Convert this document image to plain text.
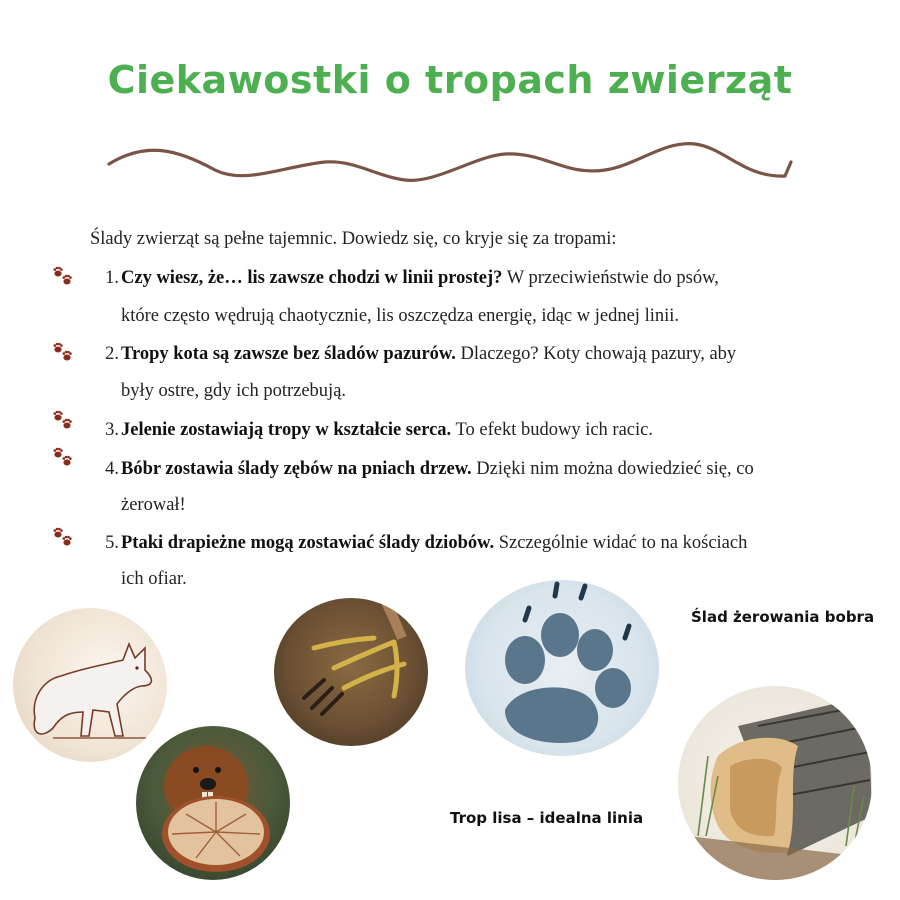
Ciekawostki o tropach zwierząt
Ślady zwierząt są pełne tajemnic. Dowiedz się, co kryje się za tropami:
1. Czy wiesz, że… lis zawsze chodzi w linii prostej? W przeciwieństwie do psów,
które często wędrują chaotycznie, lis oszczędza energię, idąc w jednej linii.
2. Tropy kota są zawsze bez śladów pazurów. Dlaczego? Koty chowają pazury, aby
były ostre, gdy ich potrzebują.
3. Jelenie zostawiają tropy w kształcie serca. To efekt budowy ich racic.
4. Bóbr zostawia ślady zębów na pniach drzew. Dzięki nim można dowiedzieć się, co
żerował!
5. Ptaki drapieżne mogą zostawiać ślady dziobów. Szczególnie widać to na kościach
ich ofiar.
Ślad żerowania bobra
Trop lisa – idealna linia
